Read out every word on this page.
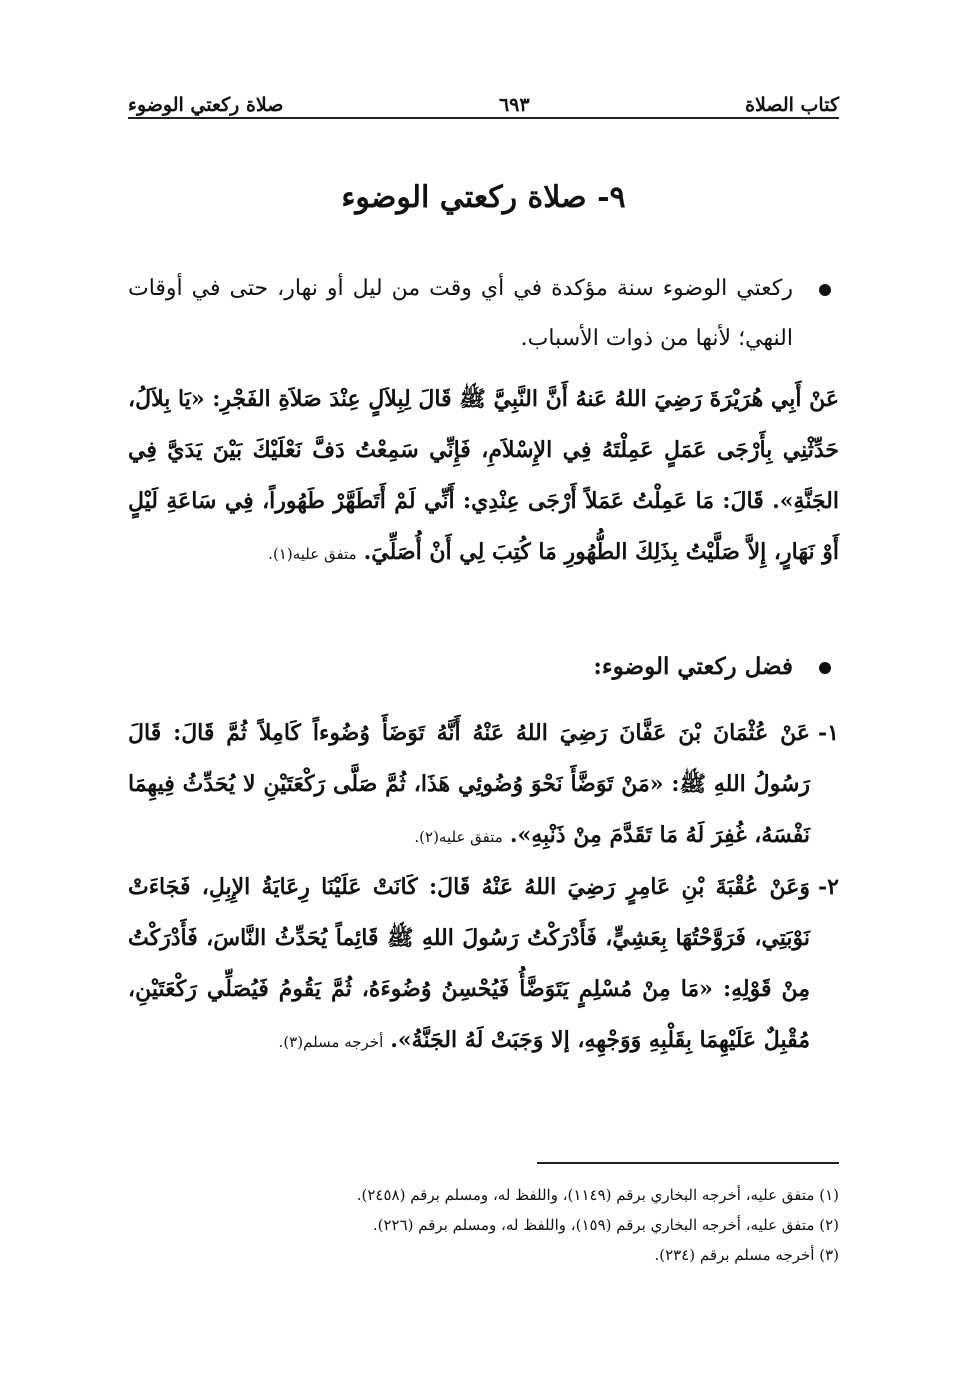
كتاب الصلاة
٦٩٣
صلاة ركعتي الوضوء
٩- صلاة ركعتي الوضوء
ركعتي الوضوء سنة مؤكدة في أي وقت من ليل أو نهار، حتى في أوقات النهي؛ لأنها من ذوات الأسباب.
عَنْ أَبِي هُرَيْرَةَ رَضِيَ اللهُ عَنهُ أَنَّ النَّبِيَّ ﷺ قَالَ لِبِلاَلٍ عِنْدَ صَلاَةِ الفَجْرِ: «يَا بِلاَلُ، حَدِّثْنِي بِأَرْجَى عَمَلٍ عَمِلْتَهُ فِي الإِسْلاَمِ، فَإِنِّي سَمِعْتُ دَفَّ نَعْلَيْكَ بَيْنَ يَدَيَّ فِي الجَنَّةِ». قَالَ: مَا عَمِلْتُ عَمَلاً أَرْجَى عِنْدِي: أَنِّي لَمْ أَتَطَهَّرْ طَهُوراً، فِي سَاعَةِ لَيْلٍ أَوْ نَهَارٍ، إِلاَّ صَلَّيْتُ بِذَلِكَ الطُّهُورِ مَا كُتِبَ لِي أَنْ أُصَلِّيَ. متفق عليه(١).
فضل ركعتي الوضوء:
١-
عَنْ عُثْمَانَ بْنَ عَفَّانَ رَضِيَ اللهُ عَنْهُ أَنَّهُ تَوَضَأَ وُضُوءاً كَامِلاً ثُمَّ قَالَ: قَالَ رَسُولُ اللهِ ﷺ: «مَنْ تَوَضَّأَ نَحْوَ وُضُوئِي هَذَا، ثُمَّ صَلَّى رَكْعَتَيْنِ لا يُحَدِّثُ فِيهِمَا نَفْسَهُ، غُفِرَ لَهُ مَا تَقَدَّمَ مِنْ ذَنْبِهِ». متفق عليه(٢).
٢-
وَعَنْ عُقْبَةَ بْنِ عَامِرٍ رَضِيَ اللهُ عَنْهُ قَالَ: كَانَتْ عَلَيْنَا رِعَايَةُ الإِبِلِ، فَجَاءَتْ نَوْبَتِي، فَرَوَّحْتُهَا بِعَشِيٍّ، فَأَدْرَكْتُ رَسُولَ اللهِ ﷺ قَائِماً يُحَدِّثُ النَّاسَ، فَأَدْرَكْتُ مِنْ قَوْلِهِ: «مَا مِنْ مُسْلِمٍ يَتَوَضَّأُ فَيُحْسِنُ وُضُوءَهُ، ثُمَّ يَقُومُ فَيُصَلِّي رَكْعَتَيْنِ، مُقْبِلٌ عَلَيْهِمَا بِقَلْبِهِ وَوَجْهِهِ، إلا وَجَبَتْ لَهُ الجَنَّةُ». أخرجه مسلم(٣).
(١) متفق عليه، أخرجه البخاري برقم (١١٤٩)، واللفظ له، ومسلم برقم (٢٤٥٨).
(٢) متفق عليه، أخرجه البخاري برقم (١٥٩)، واللفظ له، ومسلم برقم (٢٢٦).
(٣) أخرجه مسلم برقم (٢٣٤).
